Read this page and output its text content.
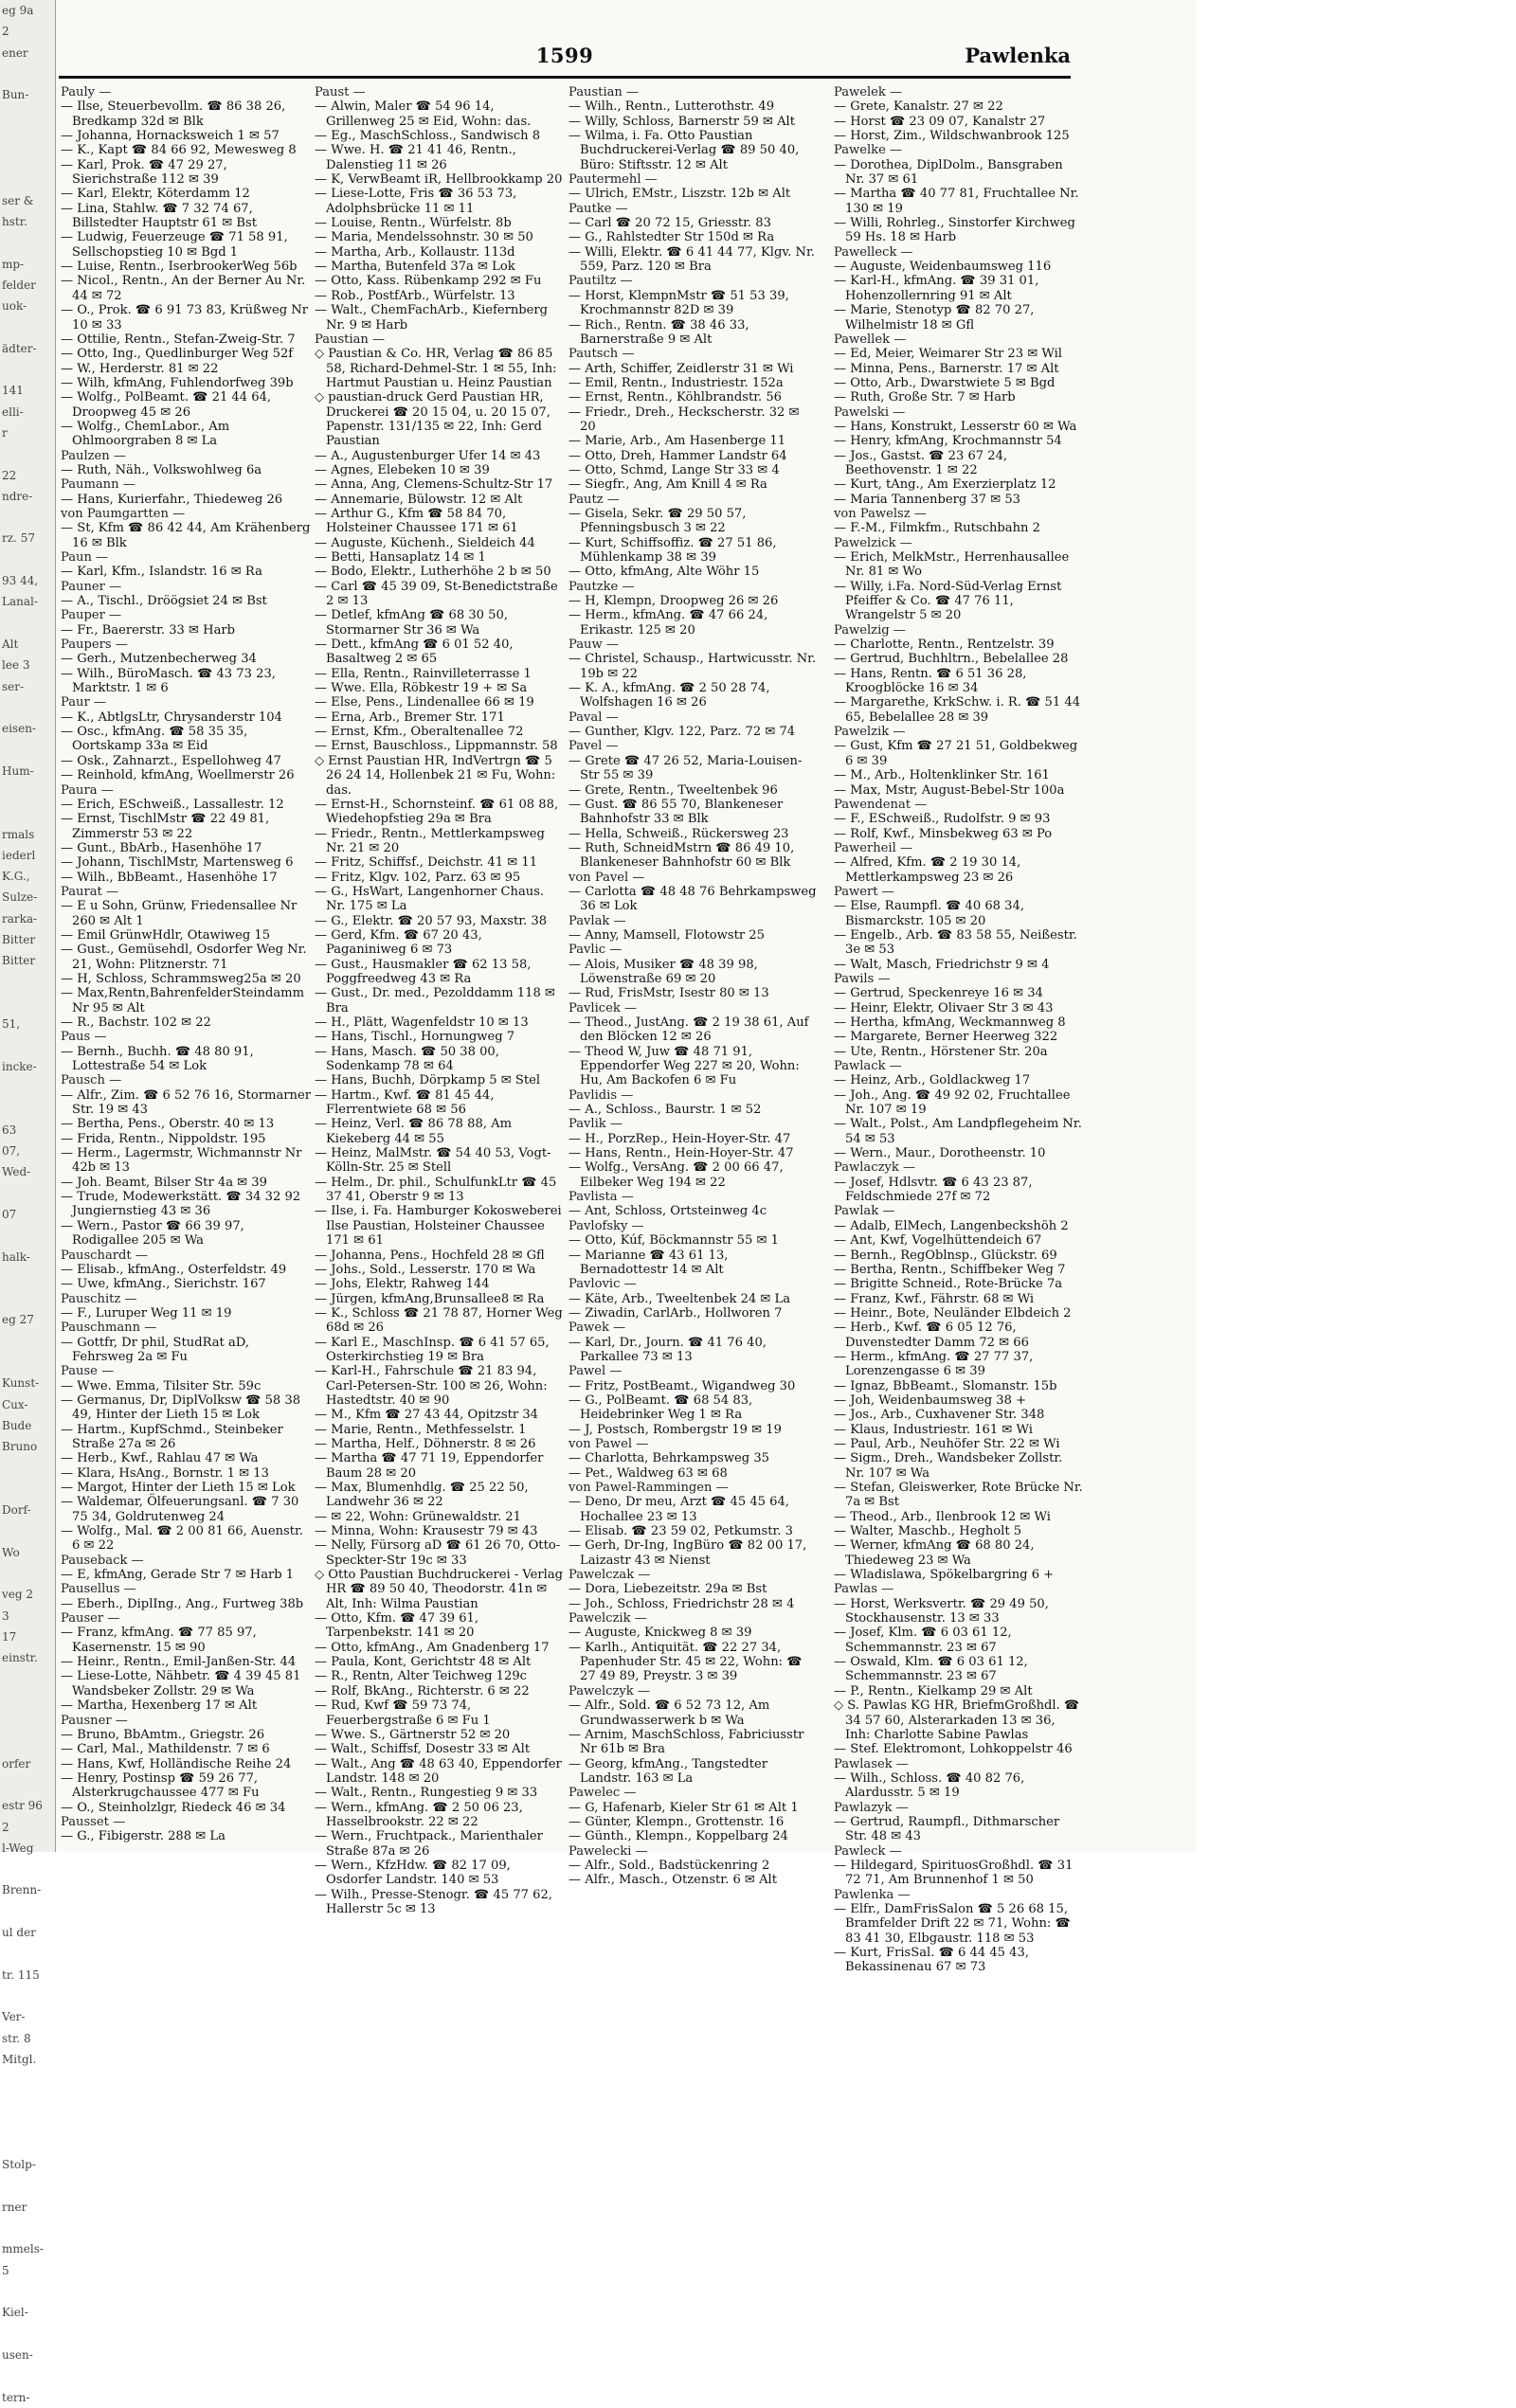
eg 9a
2
ener

Bun-

ser &
hstr.

mp-
felder
uok-

ädter-

141
elli-
r

22
ndre-

rz. 57

93 44,
Lanal-

Alt
lee 3
ser-

eisen-

Hum-

rmals
iederl
K.G.,
Sulze-
rarka-
Bitter
Bitter

51,

incke-

63
07,
Wed-

07

halk-

eg 27

Kunst-
Cux-
Bude
Bruno

Dorf-

Wo

veg 2
3
17
einstr.

orfer

estr 96
2
l-Weg

Brenn-

ul der

tr. 115

Ver-
str. 8
Mitgl.

Stolp-

rner

mmels-
5

Kiel-

usen-

tern-
1599	Pawlenka

Pauly —

— Ilse, Steuerbevollm. ☎ 86 38 26, Bredkamp 32d ✉ Blk

— Johanna, Hornacksweich 1 ✉ 57

— K., Kapt ☎ 84 66 92, Mewesweg 8

— Karl, Prok. ☎ 47 29 27, Sierichstraße 112 ✉ 39

— Karl, Elektr, Köterdamm 12

— Lina, Stahlw. ☎ 7 32 74 67, Billstedter Hauptstr 61 ✉ Bst

— Ludwig, Feuerzeuge ☎ 71 58 91, Sellschopstieg 10 ✉ Bgd 1

— Luise, Rentn., IserbrookerWeg 56b

— Nicol., Rentn., An der Berner Au Nr. 44 ✉ 72

— O., Prok. ☎ 6 91 73 83, Krüßweg Nr 10 ✉ 33

— Ottilie, Rentn., Stefan-Zweig-Str. 7

— Otto, Ing., Quedlinburger Weg 52f

— W., Herderstr. 81 ✉ 22

— Wilh, kfmAng, Fuhlendorfweg 39b

— Wolfg., PolBeamt. ☎ 21 44 64, Droopweg 45 ✉ 26

— Wolfg., ChemLabor., Am Ohlmoorgraben 8 ✉ La

Paulzen —

— Ruth, Näh., Volkswohlweg 6a

Paumann —

— Hans, Kurierfahr., Thiedeweg 26

von Paumgartten —

— St, Kfm ☎ 86 42 44, Am Krähenberg 16 ✉ Blk

Paun —

— Karl, Kfm., Islandstr. 16 ✉ Ra

Pauner —

— A., Tischl., Dröögsiet 24 ✉ Bst

Pauper —

— Fr., Baererstr. 33 ✉ Harb

Paupers —

— Gerh., Mutzenbecherweg 34

— Wilh., BüroMasch. ☎ 43 73 23, Marktstr. 1 ✉ 6

Paur —

— K., AbtlgsLtr, Chrysanderstr 104

— Osc., kfmAng. ☎ 58 35 35, Oortskamp 33a ✉ Eid

— Osk., Zahnarzt., Espellohweg 47

— Reinhold, kfmAng, Woellmerstr 26

Paura —

— Erich, ESchweiß., Lassallestr. 12

— Ernst, TischlMstr ☎ 22 49 81, Zimmerstr 53 ✉ 22

— Gunt., BbArb., Hasenhöhe 17

— Johann, TischlMstr, Martensweg 6

— Wilh., BbBeamt., Hasenhöhe 17

Paurat —

— E u Sohn, Grünw, Friedensallee Nr 260 ✉ Alt 1

— Emil GrünwHdlr, Otawiweg 15

— Gust., Gemüsehdl, Osdorfer Weg Nr. 21, Wohn: Plitznerstr. 71

— H, Schloss, Schrammsweg25a ✉ 20

— Max,Rentn,BahrenfelderSteindamm Nr 95 ✉ Alt

— R., Bachstr. 102 ✉ 22

Paus —

— Bernh., Buchh. ☎ 48 80 91, Lottestraße 54 ✉ Lok

Pausch —

— Alfr., Zim. ☎ 6 52 76 16, Stormarner Str. 19 ✉ 43

— Bertha, Pens., Oberstr. 40 ✉ 13

— Frida, Rentn., Nippoldstr. 195

— Herm., Lagermstr, Wichmannstr Nr 42b ✉ 13

— Joh. Beamt, Bilser Str 4a ✉ 39

— Trude, Modewerkstätt. ☎ 34 32 92 Jungiernstieg 43 ✉ 36

— Wern., Pastor ☎ 66 39 97, Rodigallee 205 ✉ Wa

Pauschardt —

— Elisab., kfmAng., Osterfeldstr. 49

— Uwe, kfmAng., Sierichstr. 167

Pauschitz —

— F., Luruper Weg 11 ✉ 19

Pauschmann —

— Gottfr, Dr phil, StudRat aD, Fehrsweg 2a ✉ Fu

Pause —

— Wwe. Emma, Tilsiter Str. 59c

— Germanus, Dr, DiplVolksw ☎ 58 38 49, Hinter der Lieth 15 ✉ Lok

— Hartm., KupfSchmd., Steinbeker Straße 27a ✉ 26

— Herb., Kwf., Rahlau 47 ✉ Wa

— Klara, HsAng., Bornstr. 1 ✉ 13

— Margot, Hinter der Lieth 15 ✉ Lok

— Waldemar, Ölfeuerungsanl. ☎ 7 30 75 34, Goldrutenweg 24

— Wolfg., Mal. ☎ 2 00 81 66, Auenstr. 6 ✉ 22

Pauseback —

— E, kfmAng, Gerade Str 7 ✉ Harb 1

Pausellus —

— Eberh., DiplIng., Ang., Furtweg 38b

Pauser —

— Franz, kfmAng. ☎ 77 85 97, Kasernenstr. 15 ✉ 90

— Heinr., Rentn., Emil-Janßen-Str. 44

— Liese-Lotte, Nähbetr. ☎ 4 39 45 81 Wandsbeker Zollstr. 29 ✉ Wa

— Martha, Hexenberg 17 ✉ Alt

Pausner —

— Bruno, BbAmtm., Griegstr. 26

— Carl, Mal., Mathildenstr. 7 ✉ 6

— Hans, Kwf, Holländische Reihe 24

— Henry, Postinsp ☎ 59 26 77, Alsterkrugchaussee 477 ✉ Fu

— O., Steinholzlgr, Riedeck 46 ✉ 34

Pausset —

— G., Fibigerstr. 288 ✉ La

Paust —

— Alwin, Maler ☎ 54 96 14, Grillenweg 25 ✉ Eid, Wohn: das.

— Eg., MaschSchloss., Sandwisch 8

— Wwe. H. ☎ 21 41 46, Rentn., Dalenstieg 11 ✉ 26

— K, VerwBeamt iR, Hellbrookkamp 20

— Liese-Lotte, Fris ☎ 36 53 73, Adolphsbrücke 11 ✉ 11

— Louise, Rentn., Würfelstr. 8b

— Maria, Mendelssohnstr. 30 ✉ 50

— Martha, Arb., Kollaustr. 113d

— Martha, Butenfeld 37a ✉ Lok

— Otto, Kass. Rübenkamp 292 ✉ Fu

— Rob., PostfArb., Würfelstr. 13

— Walt., ChemFachArb., Kiefernberg Nr. 9 ✉ Harb

Paustian —

◇ Paustian & Co. HR, Verlag ☎ 86 85 58, Richard-Dehmel-Str. 1 ✉ 55, Inh: Hartmut Paustian u. Heinz Paustian

◇ paustian-druck Gerd Paustian HR, Druckerei ☎ 20 15 04, u. 20 15 07, Papenstr. 131/135 ✉ 22, Inh: Gerd Paustian

— A., Augustenburger Ufer 14 ✉ 43

— Agnes, Elebeken 10 ✉ 39

— Anna, Ang, Clemens-Schultz-Str 17

— Annemarie, Bülowstr. 12 ✉ Alt

— Arthur G., Kfm ☎ 58 84 70, Holsteiner Chaussee 171 ✉ 61

— Auguste, Küchenh., Sieldeich 44

— Betti, Hansaplatz 14 ✉ 1

— Bodo, Elektr., Lutherhöhe 2 b ✉ 50

— Carl ☎ 45 39 09, St-Benedictstraße 2 ✉ 13

— Detlef, kfmAng ☎ 68 30 50, Stormarner Str 36 ✉ Wa

— Dett., kfmAng ☎ 6 01 52 40, Basaltweg 2 ✉ 65

— Ella, Rentn., Rainvilleterrasse 1

— Wwe. Ella, Röbkestr 19 + ✉ Sa

— Else, Pens., Lindenallee 66 ✉ 19

— Erna, Arb., Bremer Str. 171

— Ernst, Kfm., Oberaltenallee 72

— Ernst, Bauschloss., Lippmannstr. 58

◇ Ernst Paustian HR, IndVertrgn ☎ 5 26 24 14, Hollenbek 21 ✉ Fu, Wohn: das.

— Ernst-H., Schornsteinf. ☎ 61 08 88, Wiedehopfstieg 29a ✉ Bra

— Friedr., Rentn., Mettlerkampsweg Nr. 21 ✉ 20

— Fritz, Schiffsf., Deichstr. 41 ✉ 11

— Fritz, Klgv. 102, Parz. 63 ✉ 95

— G., HsWart, Langenhorner Chaus. Nr. 175 ✉ La

— G., Elektr. ☎ 20 57 93, Maxstr. 38

— Gerd, Kfm. ☎ 67 20 43, Paganiniweg 6 ✉ 73

— Gust., Hausmakler ☎ 62 13 58, Poggfreedweg 43 ✉ Ra

— Gust., Dr. med., Pezolddamm 118 ✉ Bra

— H., Plätt, Wagenfeldstr 10 ✉ 13

— Hans, Tischl., Hornungweg 7

— Hans, Masch. ☎ 50 38 00, Sodenkamp 78 ✉ 64

— Hans, Buchh, Dörpkamp 5 ✉ Stel

— Hartm., Kwf. ☎ 81 45 44, Flerrentwiete 68 ✉ 56

— Heinz, Verl. ☎ 86 78 88, Am Kiekeberg 44 ✉ 55

— Heinz, MalMstr. ☎ 54 40 53, Vogt-Kölln-Str. 25 ✉ Stell

— Helm., Dr. phil., SchulfunkLtr ☎ 45 37 41, Oberstr 9 ✉ 13

— Ilse, i. Fa. Hamburger Kokosweberei Ilse Paustian, Holsteiner Chaussee 171 ✉ 61

— Johanna, Pens., Hochfeld 28 ✉ Gfl

— Johs., Sold., Lesserstr. 170 ✉ Wa

— Johs, Elektr, Rahweg 144

— Jürgen, kfmAng,Brunsallee8 ✉ Ra

— K., Schloss ☎ 21 78 87, Horner Weg 68d ✉ 26

— Karl E., MaschInsp. ☎ 6 41 57 65, Osterkirchstieg 19 ✉ Bra

— Karl-H., Fahrschule ☎ 21 83 94, Carl-Petersen-Str. 100 ✉ 26, Wohn: Hastedtstr. 40 ✉ 90

— M., Kfm ☎ 27 43 44, Opitzstr 34

— Marie, Rentn., Methfesselstr. 1

— Martha, Helf., Döhnerstr. 8 ✉ 26

— Martha ☎ 47 71 19, Eppendorfer Baum 28 ✉ 20

— Max, Blumenhdlg. ☎ 25 22 50, Landwehr 36 ✉ 22

— ✉ 22, Wohn: Grünewaldstr. 21

— Minna, Wohn: Krausestr 79 ✉ 43

— Nelly, Fürsorg aD ☎ 61 26 70, Otto-Speckter-Str 19c ✉ 33

◇ Otto Paustian Buchdruckerei - Verlag HR ☎ 89 50 40, Theodorstr. 41n ✉ Alt, Inh: Wilma Paustian

— Otto, Kfm. ☎ 47 39 61, Tarpenbekstr. 141 ✉ 20

— Otto, kfmAng., Am Gnadenberg 17

— Paula, Kont, Gerichtstr 48 ✉ Alt

— R., Rentn, Alter Teichweg 129c

— Rolf, BkAng., Richterstr. 6 ✉ 22

— Rud, Kwf ☎ 59 73 74, Feuerbergstraße 6 ✉ Fu 1

— Wwe. S., Gärtnerstr 52 ✉ 20

— Walt., Schiffsf, Dosestr 33 ✉ Alt

— Walt., Ang ☎ 48 63 40, Eppendorfer Landstr. 148 ✉ 20

— Walt., Rentn., Rungestieg 9 ✉ 33

— Wern., kfmAng. ☎ 2 50 06 23, Hasselbrookstr. 22 ✉ 22

— Wern., Fruchtpack., Marienthaler Straße 87a ✉ 26

— Wern., KfzHdw. ☎ 82 17 09, Osdorfer Landstr. 140 ✉ 53

— Wilh., Presse-Stenogr. ☎ 45 77 62, Hallerstr 5c ✉ 13

Paustian —

— Wilh., Rentn., Lutterothstr. 49

— Willy, Schloss, Barnerstr 59 ✉ Alt

— Wilma, i. Fa. Otto Paustian Buchdruckerei-Verlag ☎ 89 50 40, Büro: Stiftsstr. 12 ✉ Alt

Pautermehl —

— Ulrich, EMstr., Liszstr. 12b ✉ Alt

Pautke —

— Carl ☎ 20 72 15, Griesstr. 83

— G., Rahlstedter Str 150d ✉ Ra

— Willi, Elektr. ☎ 6 41 44 77, Klgv. Nr. 559, Parz. 120 ✉ Bra

Pautiltz —

— Horst, KlempnMstr ☎ 51 53 39, Krochmannstr 82D ✉ 39

— Rich., Rentn. ☎ 38 46 33, Barnerstraße 9 ✉ Alt

Pautsch —

— Arth, Schiffer, Zeidlerstr 31 ✉ Wi

— Emil, Rentn., Industriestr. 152a

— Ernst, Rentn., Köhlbrandstr. 56

— Friedr., Dreh., Heckscherstr. 32 ✉ 20

— Marie, Arb., Am Hasenberge 11

— Otto, Dreh, Hammer Landstr 64

— Otto, Schmd, Lange Str 33 ✉ 4

— Siegfr., Ang, Am Knill 4 ✉ Ra

Pautz —

— Gisela, Sekr. ☎ 29 50 57, Pfenningsbusch 3 ✉ 22

— Kurt, Schiffsoffiz. ☎ 27 51 86, Mühlenkamp 38 ✉ 39

— Otto, kfmAng, Alte Wöhr 15

Pautzke —

— H, Klempn, Droopweg 26 ✉ 26

— Herm., kfmAng. ☎ 47 66 24, Erikastr. 125 ✉ 20

Pauw —

— Christel, Schausp., Hartwicusstr. Nr. 19b ✉ 22

— K. A., kfmAng. ☎ 2 50 28 74, Wolfshagen 16 ✉ 26

Paval —

— Gunther, Klgv. 122, Parz. 72 ✉ 74

Pavel —

— Grete ☎ 47 26 52, Maria-Louisen-Str 55 ✉ 39

— Grete, Rentn., Tweeltenbek 96

— Gust. ☎ 86 55 70, Blankeneser Bahnhofstr 33 ✉ Blk

— Hella, Schweiß., Rückersweg 23

— Ruth, SchneidMstrn ☎ 86 49 10, Blankeneser Bahnhofstr 60 ✉ Blk

von Pavel —

— Carlotta ☎ 48 48 76 Behrkampsweg 36 ✉ Lok

Pavlak —

— Anny, Mamsell, Flotowstr 25

Pavlic —

— Alois, Musiker ☎ 48 39 98, Löwenstraße 69 ✉ 20

— Rud, FrisMstr, Isestr 80 ✉ 13

Pavlicek —

— Theod., JustAng. ☎ 2 19 38 61, Auf den Blöcken 12 ✉ 26

— Theod W, Juw ☎ 48 71 91, Eppendorfer Weg 227 ✉ 20, Wohn: Hu, Am Backofen 6 ✉ Fu

Pavlidis —

— A., Schloss., Baurstr. 1 ✉ 52

Pavlik —

— H., PorzRep., Hein-Hoyer-Str. 47

— Hans, Rentn., Hein-Hoyer-Str. 47

— Wolfg., VersAng. ☎ 2 00 66 47, Eilbeker Weg 194 ✉ 22

Pavlista —

— Ant, Schloss, Ortsteinweg 4c

Pavlofsky —

— Otto, Kúf, Böckmannstr 55 ✉ 1

— Marianne ☎ 43 61 13, Bernadottestr 14 ✉ Alt

Pavlovic —

— Käte, Arb., Tweeltenbek 24 ✉ La

— Ziwadin, CarlArb., Hollworen 7

Pawek —

— Karl, Dr., Journ. ☎ 41 76 40, Parkallee 73 ✉ 13

Pawel —

— Fritz, PostBeamt., Wigandweg 30

— G., PolBeamt. ☎ 68 54 83, Heidebrinker Weg 1 ✉ Ra

— J, Postsch, Rombergstr 19 ✉ 19

von Pawel —

— Charlotta, Behrkampsweg 35

— Pet., Waldweg 63 ✉ 68

von Pawel-Rammingen —

— Deno, Dr meu, Arzt ☎ 45 45 64, Hochallee 23 ✉ 13

— Elisab. ☎ 23 59 02, Petkumstr. 3

— Gerh, Dr-Ing, IngBüro ☎ 82 00 17, Laizastr 43 ✉ Nienst

Pawelczak —

— Dora, Liebezeitstr. 29a ✉ Bst

— Joh., Schloss, Friedrichstr 28 ✉ 4

Pawelczik —

— Auguste, Knickweg 8 ✉ 39

— Karlh., Antiquität. ☎ 22 27 34, Papenhuder Str. 45 ✉ 22, Wohn: ☎ 27 49 89, Preystr. 3 ✉ 39

Pawelczyk —

— Alfr., Sold. ☎ 6 52 73 12, Am Grundwasserwerk b ✉ Wa

— Arnim, MaschSchloss, Fabriciusstr Nr 61b ✉ Bra

— Georg, kfmAng., Tangstedter Landstr. 163 ✉ La

Pawelec —

— G, Hafenarb, Kieler Str 61 ✉ Alt 1

— Günter, Klempn., Grottenstr. 16

— Günth., Klempn., Koppelbarg 24

Pawelecki —

— Alfr., Sold., Badstückenring 2

— Alfr., Masch., Otzenstr. 6 ✉ Alt

Pawelek —

— Grete, Kanalstr. 27 ✉ 22

— Horst ☎ 23 09 07, Kanalstr 27

— Horst, Zim., Wildschwanbrook 125

Pawelke —

— Dorothea, DiplDolm., Bansgraben Nr. 37 ✉ 61

— Martha ☎ 40 77 81, Fruchtallee Nr. 130 ✉ 19

— Willi, Rohrleg., Sinstorfer Kirchweg 59 Hs. 18 ✉ Harb

Pawelleck —

— Auguste, Weidenbaumsweg 116

— Karl-H., kfmAng. ☎ 39 31 01, Hohenzollernring 91 ✉ Alt

— Marie, Stenotyp ☎ 82 70 27, Wilhelmistr 18 ✉ Gfl

Pawellek —

— Ed, Meier, Weimarer Str 23 ✉ Wil

— Minna, Pens., Barnerstr. 17 ✉ Alt

— Otto, Arb., Dwarstwiete 5 ✉ Bgd

— Ruth, Große Str. 7 ✉ Harb

Pawelski —

— Hans, Konstrukt, Lesserstr 60 ✉ Wa

— Henry, kfmAng, Krochmannstr 54

— Jos., Gastst. ☎ 23 67 24, Beethovenstr. 1 ✉ 22

— Kurt, tAng., Am Exerzierplatz 12

— Maria Tannenberg 37 ✉ 53

von Pawelsz —

— F.-M., Filmkfm., Rutschbahn 2

Pawelzick —

— Erich, MelkMstr., Herrenhausallee Nr. 81 ✉ Wo

— Willy, i.Fa. Nord-Süd-Verlag Ernst Pfeiffer & Co. ☎ 47 76 11, Wrangelstr 5 ✉ 20

Pawelzig —

— Charlotte, Rentn., Rentzelstr. 39

— Gertrud, Buchhltrn., Bebelallee 28

— Hans, Rentn. ☎ 6 51 36 28, Kroogblöcke 16 ✉ 34

— Margarethe, KrkSchw. i. R. ☎ 51 44 65, Bebelallee 28 ✉ 39

Pawelzik —

— Gust, Kfm ☎ 27 21 51, Goldbekweg 6 ✉ 39

— M., Arb., Holtenklinker Str. 161

— Max, Mstr, August-Bebel-Str 100a

Pawendenat —

— F., ESchweiß., Rudolfstr. 9 ✉ 93

— Rolf, Kwf., Minsbekweg 63 ✉ Po

Pawerheil —

— Alfred, Kfm. ☎ 2 19 30 14, Mettlerkampsweg 23 ✉ 26

Pawert —

— Else, Raumpfl. ☎ 40 68 34, Bismarckstr. 105 ✉ 20

— Engelb., Arb. ☎ 83 58 55, Neißestr. 3e ✉ 53

— Walt, Masch, Friedrichstr 9 ✉ 4

Pawils —

— Gertrud, Speckenreye 16 ✉ 34

— Heinr, Elektr, Olivaer Str 3 ✉ 43

— Hertha, kfmAng, Weckmannweg 8

— Margarete, Berner Heerweg 322

— Ute, Rentn., Hörstener Str. 20a

Pawlack —

— Heinz, Arb., Goldlackweg 17

— Joh., Ang. ☎ 49 92 02, Fruchtallee Nr. 107 ✉ 19

— Walt., Polst., Am Landpflegeheim Nr. 54 ✉ 53

— Wern., Maur., Dorotheenstr. 10

Pawlaczyk —

— Josef, Hdlsvtr. ☎ 6 43 23 87, Feldschmiede 27f ✉ 72

Pawlak —

— Adalb, ElMech, Langenbeckshöh 2

— Ant, Kwf, Vogelhüttendeich 67

— Bernh., RegOblnsp., Glückstr. 69

— Bertha, Rentn., Schiffbeker Weg 7

— Brigitte Schneid., Rote-Brücke 7a

— Franz, Kwf., Fährstr. 68 ✉ Wi

— Heinr., Bote, Neuländer Elbdeich 2

— Herb., Kwf. ☎ 6 05 12 76, Duvenstedter Damm 72 ✉ 66

— Herm., kfmAng. ☎ 27 77 37, Lorenzengasse 6 ✉ 39

— Ignaz, BbBeamt., Slomanstr. 15b

— Joh, Weidenbaumsweg 38 +

— Jos., Arb., Cuxhavener Str. 348

— Klaus, Industriestr. 161 ✉ Wi

— Paul, Arb., Neuhöfer Str. 22 ✉ Wi

— Sigm., Dreh., Wandsbeker Zollstr. Nr. 107 ✉ Wa

— Stefan, Gleiswerker, Rote Brücke Nr. 7a ✉ Bst

— Theod., Arb., Ilenbrook 12 ✉ Wi

— Walter, Maschb., Hegholt 5

— Werner, kfmAng ☎ 68 80 24, Thiedeweg 23 ✉ Wa

— Wladislawa, Spökelbargring 6 +

Pawlas —

— Horst, Werksvertr. ☎ 29 49 50, Stockhausenstr. 13 ✉ 33

— Josef, Klm. ☎ 6 03 61 12, Schemmannstr. 23 ✉ 67

— Oswald, Klm. ☎ 6 03 61 12, Schemmannstr. 23 ✉ 67

— P., Rentn., Kielkamp 29 ✉ Alt

◇ S. Pawlas KG HR, BriefmGroßhdl. ☎ 34 57 60, Alsterarkaden 13 ✉ 36, Inh: Charlotte Sabine Pawlas

— Stef. Elektromont, Lohkoppelstr 46

Pawlasek —

— Wilh., Schloss. ☎ 40 82 76, Alardusstr. 5 ✉ 19

Pawlazyk —

— Gertrud, Raumpfl., Dithmarscher Str. 48 ✉ 43

Pawleck —

— Hildegard, SpirituosGroßhdl. ☎ 31 72 71, Am Brunnenhof 1 ✉ 50

Pawlenka —

— Elfr., DamFrisSalon ☎ 5 26 68 15, Bramfelder Drift 22 ✉ 71, Wohn: ☎ 83 41 30, Elbgaustr. 118 ✉ 53

— Kurt, FrisSal. ☎ 6 44 45 43, Bekassinenau 67 ✉ 73
